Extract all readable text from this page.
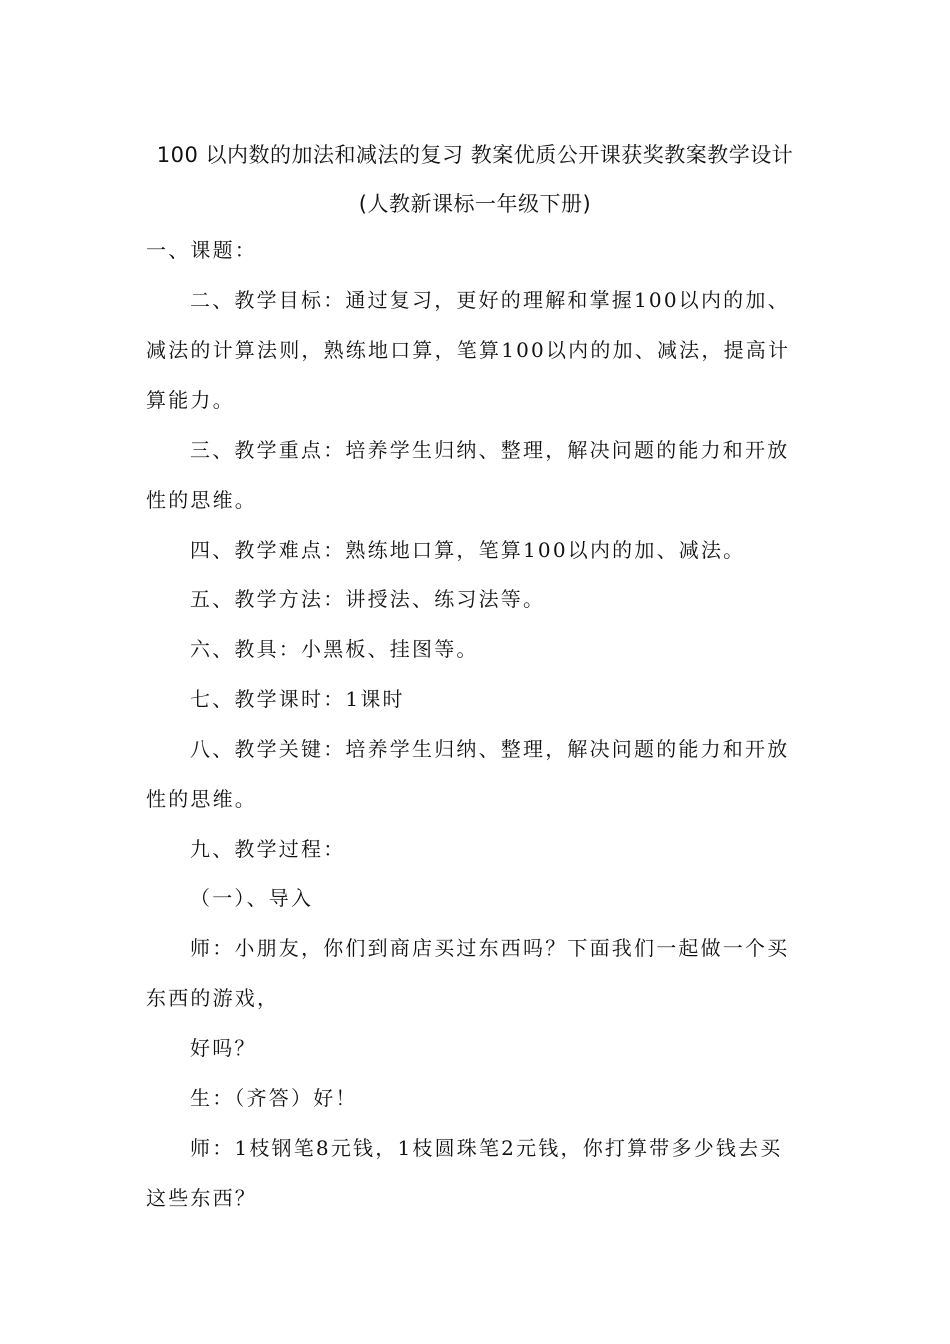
100 以内数的加法和减法的复习 教案优质公开课获奖教案教学设计
(人教新课标一年级下册)
一、课题：
二、教学目标：通过复习，更好的理解和掌握100以内的加、
减法的计算法则，熟练地口算，笔算100以内的加、减法，提高计
算能力。
三、教学重点：培养学生归纳、整理，解决问题的能力和开放
性的思维。
四、教学难点：熟练地口算，笔算100以内的加、减法。
五、教学方法：讲授法、练习法等。
六、教具：小黑板、挂图等。
七、教学课时：1课时
八、教学关键：培养学生归纳、整理，解决问题的能力和开放
性的思维。
九、教学过程：
（一）、导入
师：小朋友，你们到商店买过东西吗？下面我们一起做一个买
东西的游戏，
好吗？
生：（齐答）好！
师：1枝钢笔8元钱，1枝圆珠笔2元钱，你打算带多少钱去买
这些东西？
